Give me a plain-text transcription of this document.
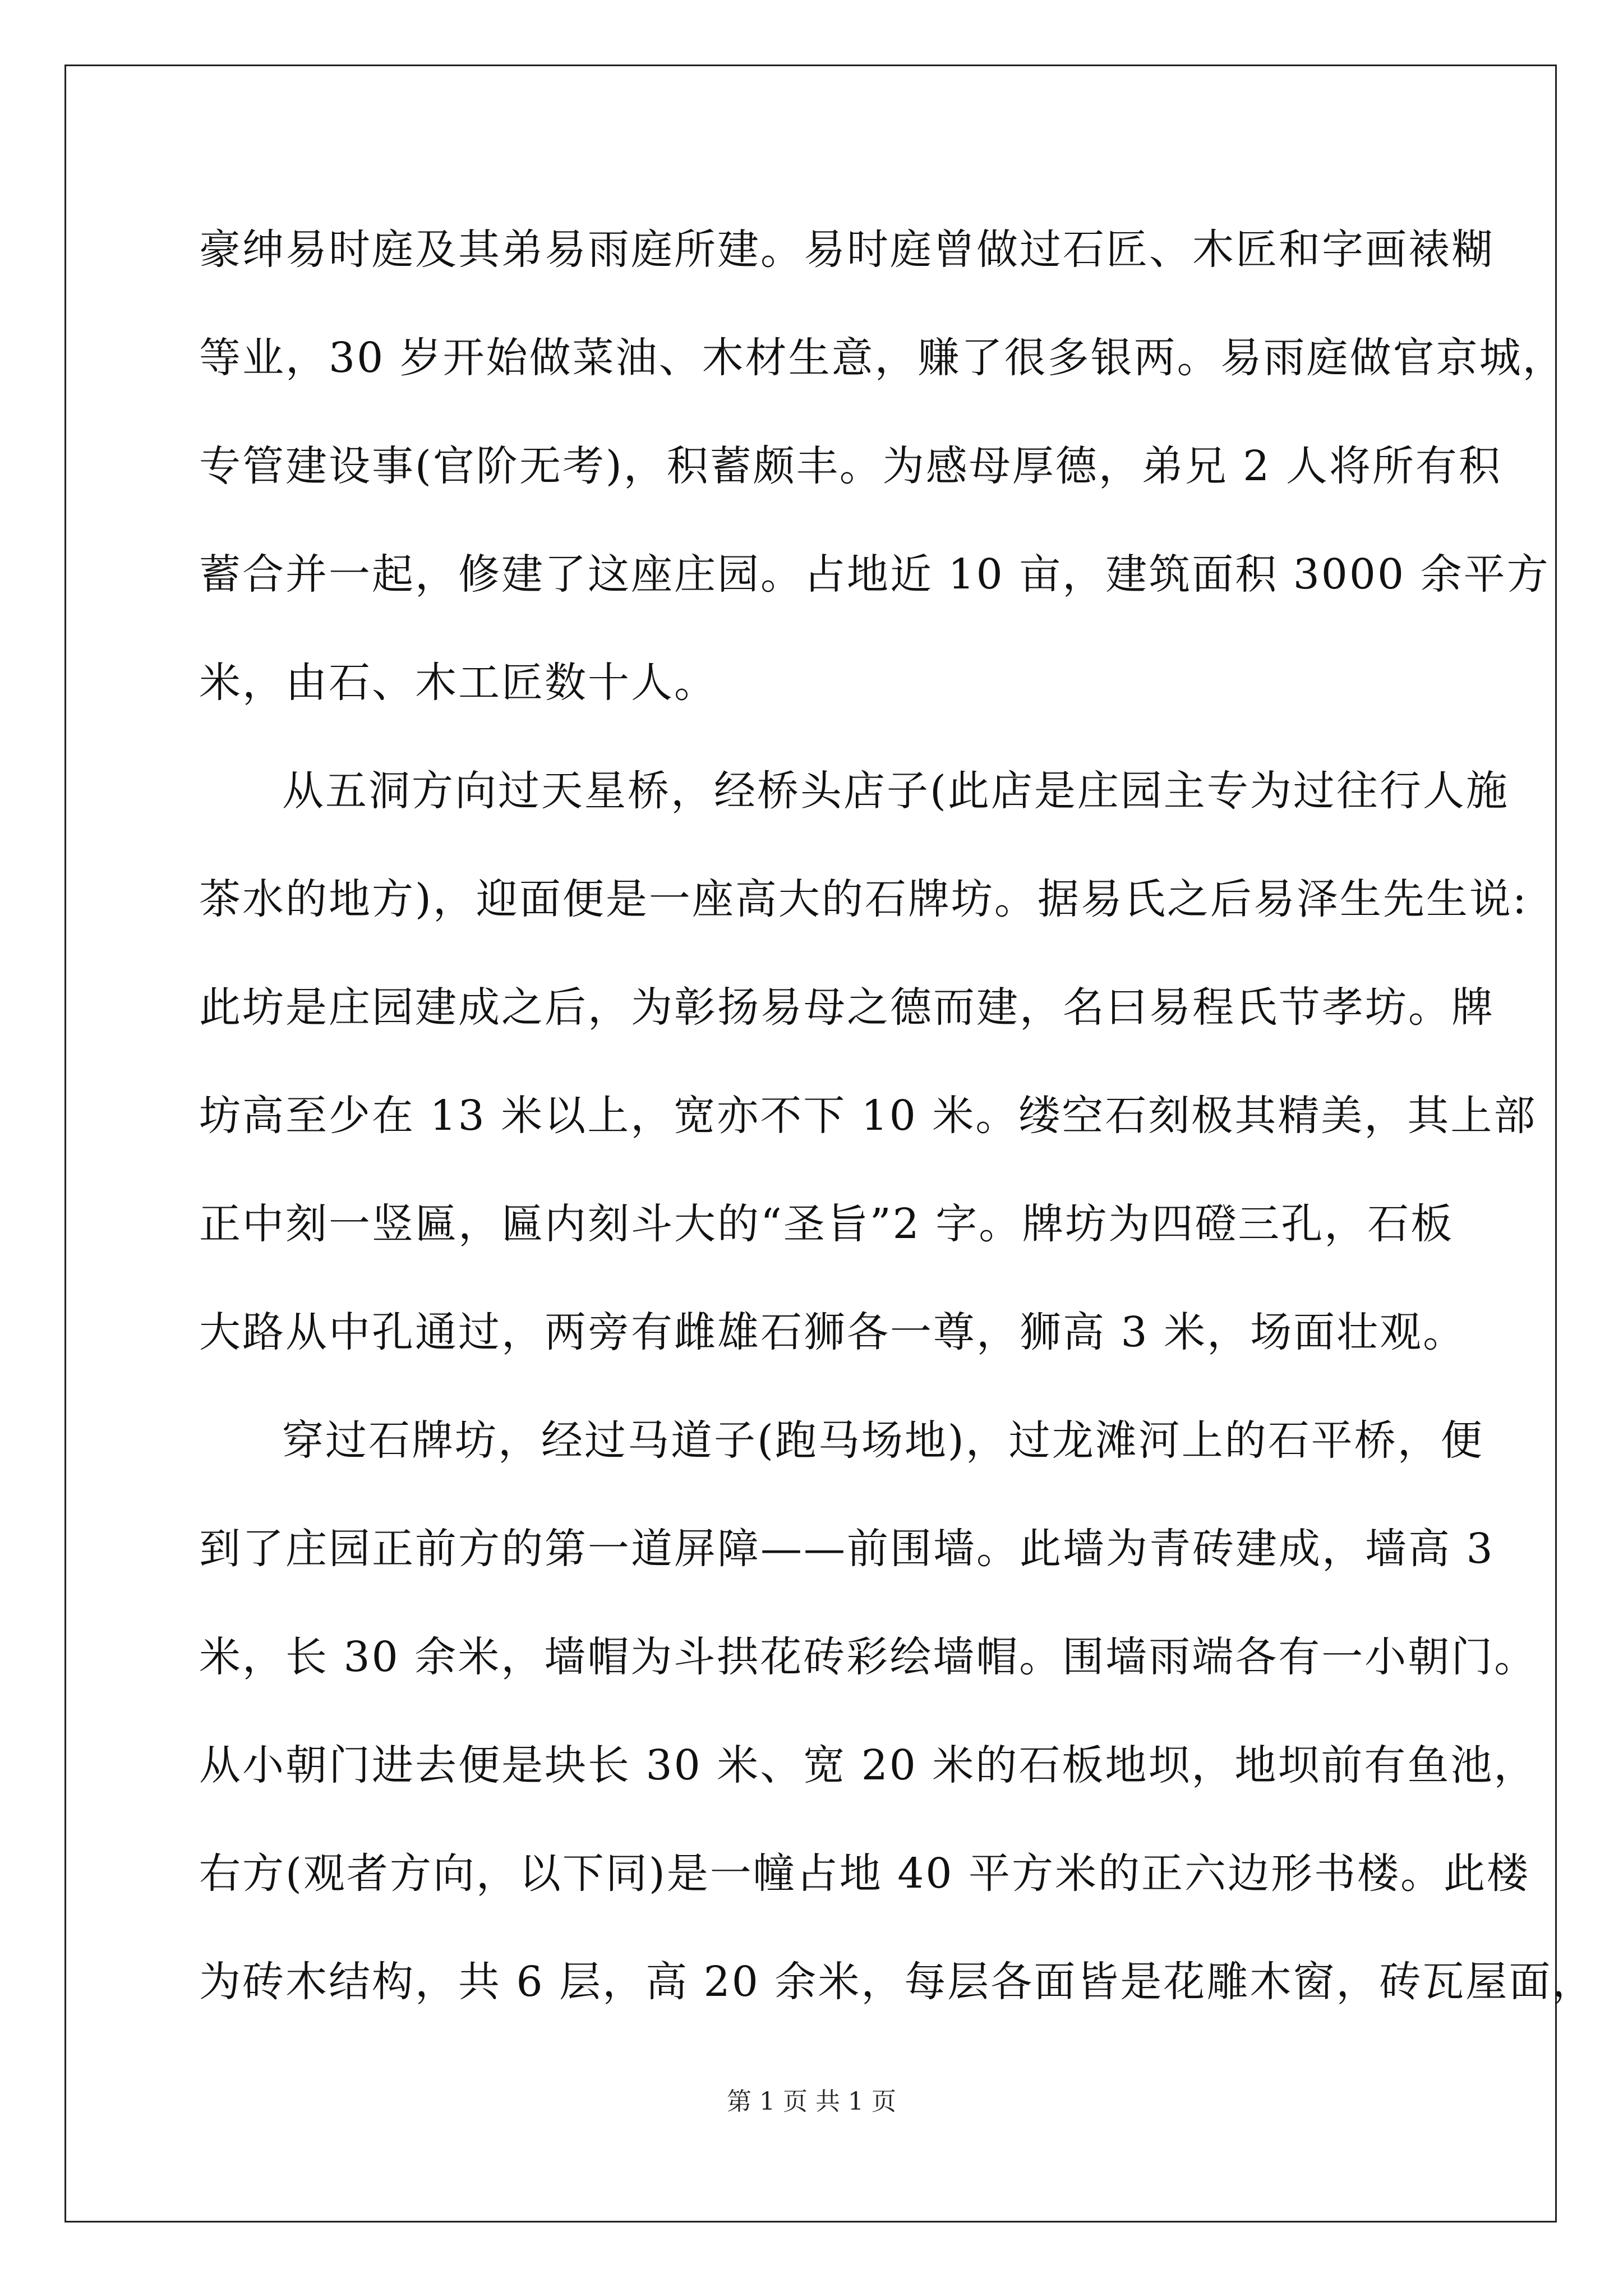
豪绅易时庭及其弟易雨庭所建。易时庭曾做过石匠、木匠和字画裱糊
等业，30 岁开始做菜油、木材生意，赚了很多银两。易雨庭做官京城，
专管建设事(官阶无考)，积蓄颇丰。为感母厚德，弟兄 2 人将所有积
蓄合并一起，修建了这座庄园。占地近 10 亩，建筑面积 3000 余平方
米，由石、木工匠数十人。
从五洞方向过天星桥，经桥头店子(此店是庄园主专为过往行人施
茶水的地方)，迎面便是一座高大的石牌坊。据易氏之后易泽生先生说:
此坊是庄园建成之后，为彰扬易母之德而建，名曰易程氏节孝坊。牌
坊高至少在 13 米以上，宽亦不下 10 米。缕空石刻极其精美，其上部
正中刻一竖匾，匾内刻斗大的“圣旨”2 字。牌坊为四磴三孔，石板
大路从中孔通过，两旁有雌雄石狮各一尊，狮高 3 米，场面壮观。
穿过石牌坊，经过马道子(跑马场地)，过龙滩河上的石平桥，便
到了庄园正前方的第一道屏障——前围墙。此墙为青砖建成，墙高 3
米，长 30 余米，墙帽为斗拱花砖彩绘墙帽。围墙雨端各有一小朝门。
从小朝门进去便是块长 30 米、宽 20 米的石板地坝，地坝前有鱼池，
右方(观者方向，以下同)是一幢占地 40 平方米的正六边形书楼。此楼
为砖木结构，共 6 层，高 20 余米，每层各面皆是花雕木窗，砖瓦屋面，
第 1 页 共 1 页
